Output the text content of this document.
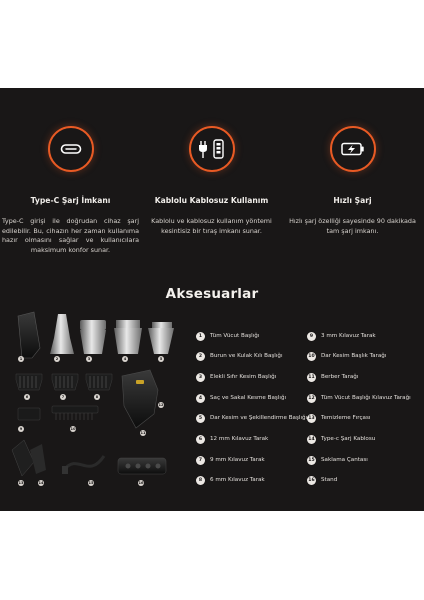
Type-C Şarj İmkanı
Type-C girişi ile doğrudan cihaz şarj edilebilir. Bu, cihazın her zaman kullanıma hazır olmasını sağlar ve kullanıcılara maksimum konfor sunar.
Kablolu Kablosuz Kullanım
Kablolu ve kablosuz kullanım yöntemi kesintisiz bir tıraş imkanı sunar.
Hızlı Şarj
Hızlı şarj özelliği sayesinde 90 dakikada tam şarj imkanı.
Aksesuarlar
1	2	3	4	5
6	7	8
9	10
11
12
13	14	15	16
1	Tüm Vücut Başlığı
2	Burun ve Kulak Kılı Başlığı
3	Elekli Sıfır Kesim Başlığı
4	Saç ve Sakal Kesme Başlığı
5	Dar Kesim ve Şekillendirme Başlığı
6	12 mm Kılavuz Tarak
7	9 mm Kılavuz Tarak
8	6 mm Kılavuz Tarak
9	3 mm Kılavuz Tarak
10 Dar Kesim Başlık Tarağı
11 Berber Tarağı
12 Tüm Vücut Başlığı Kılavuz Tarağı
13 Temizleme Fırçası
14 Type-c Şarj Kablosu
15 Saklama Çantası
16 Stand
